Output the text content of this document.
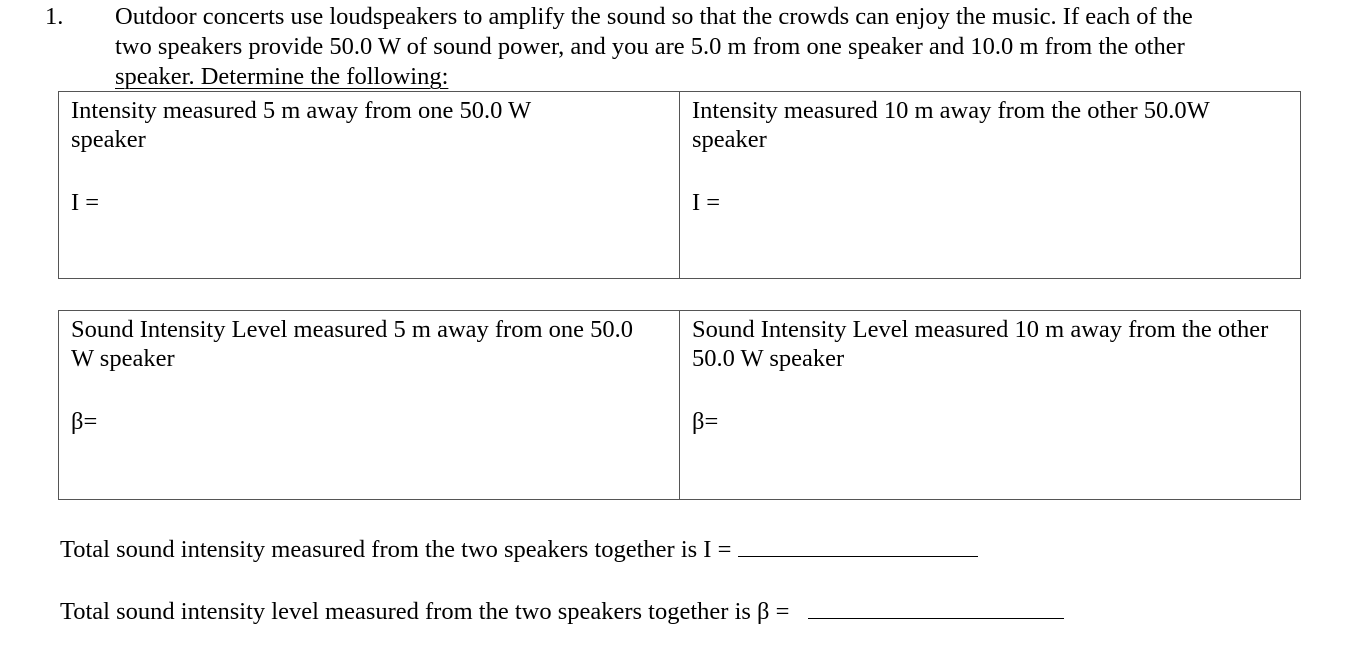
1. Outdoor concerts use loudspeakers to amplify the sound so that the crowds can enjoy the music. If each of the
two speakers provide 50.0 W of sound power, and you are 5.0 m from one speaker and 10.0 m from the other
speaker. Determine the following:
Intensity measured 5 m away from one 50.0 W speaker
I =

Intensity measured 10 m away from the other 50.0W speaker
I =
Sound Intensity Level measured 5 m away from one 50.0 W speaker
β=

Sound Intensity Level measured 10 m away from the other 50.0 W speaker
β=
Total sound intensity measured from the two speakers together is I =
Total sound intensity level measured from the two speakers together is β =
